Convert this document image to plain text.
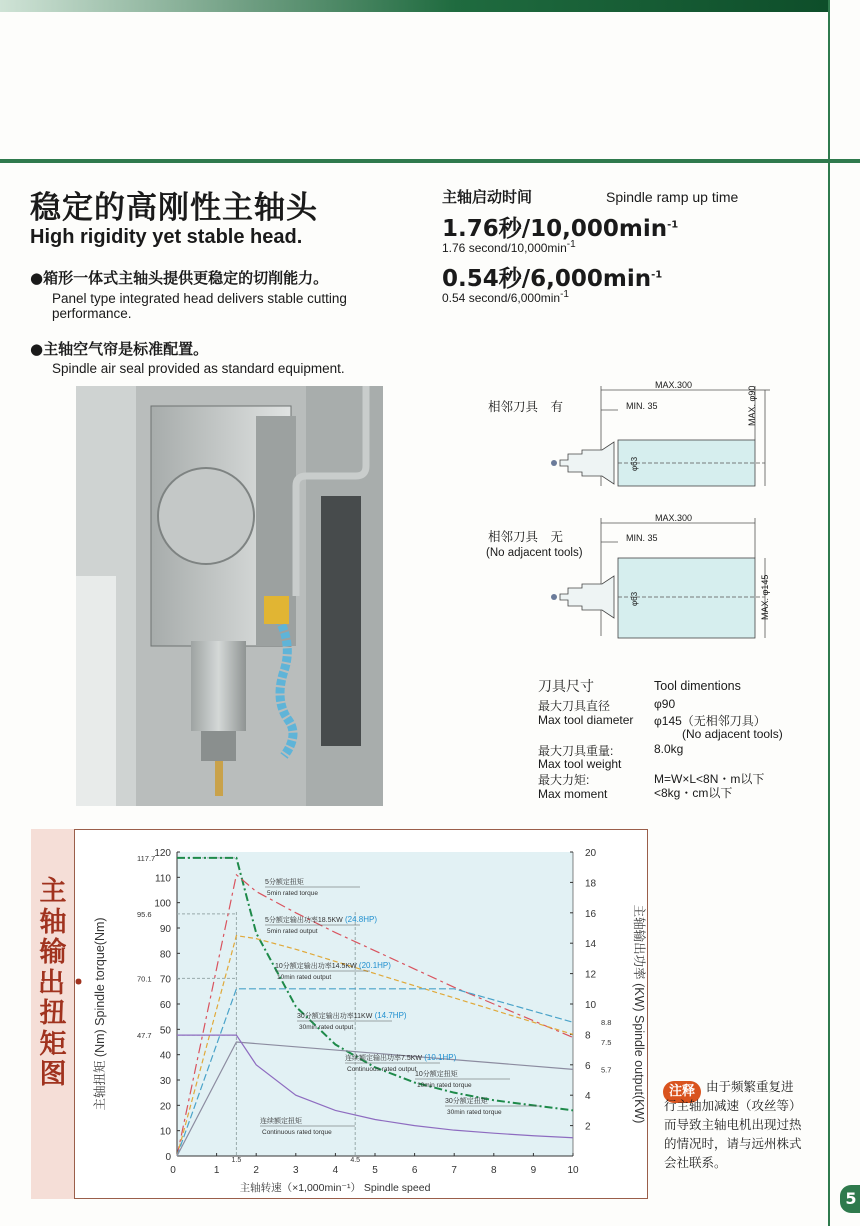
稳定的高刚性主轴头
High rigidity yet stable head.
●箱形一体式主轴头提供更稳定的切削能力。
Panel type integrated head delivers stable cutting
performance.
●主轴空气帘是标准配置。
Spindle air seal provided as standard equipment.
主轴启动时间	Spindle ramp up time
1.76秒$/10,000\min^{-1}$
1.76 second/$10,000\min^{-1}$
0.54秒$/6,000\min^{-1}$
0.54 second/$6,000\min^{-1}$
相邻刀具　有
相邻刀具　无
(No adjacent tools)
MAX.300
MIN. 35	MAX. φ90
φ63
MAX.300
MIN. 35
MAX. φ145
φ63
刀具尺寸	Tool dimentions
最大刀具直径
Max tool diameter
φ90
φ145（无相邻刀具）
(No adjacent tools)
最大刀具重量:
Max tool weight
8.0kg
最大力矩:
Max moment
M=W×L<8N・m以下
<8kg・cm以下
主轴输出・扭矩图
1	2	3	4	5	6	7	8	9	10
0
1.5	4.5
主轴转速（×1,000min⁻¹） Spindle speed
10
20
30
40
50
60
70
80
90
100
110
120
0
117.7
95.6
70.1
47.7
2
4
6
8
10
12
14
16
18
20
8.8
7.5
5.7
主轴扭矩 (Nm) Spindle torque(Nm)	主轴输出功率 (KW) Spindle output(KW)
5分额定扭矩
5min rated torque
5分额定输出功率18.5KW (24.8HP)
5min rated output
10分额定输出功率14.5KW (20.1HP)
10min rated output
30分额定输出功率11KW (14.7HP)
30min rated output
连续额定输出功率7.5KW (10.1HP)
Continuous rated output
10分额定扭矩
10min rated torque
30分额定扭矩
30min rated torque
连续额定扭矩
Continuous rated torque
注释 由于频繁重复进行主轴加减速（攻丝等）而导致主轴电机出现过热的情况时，请与远州株式会社联系。
5
